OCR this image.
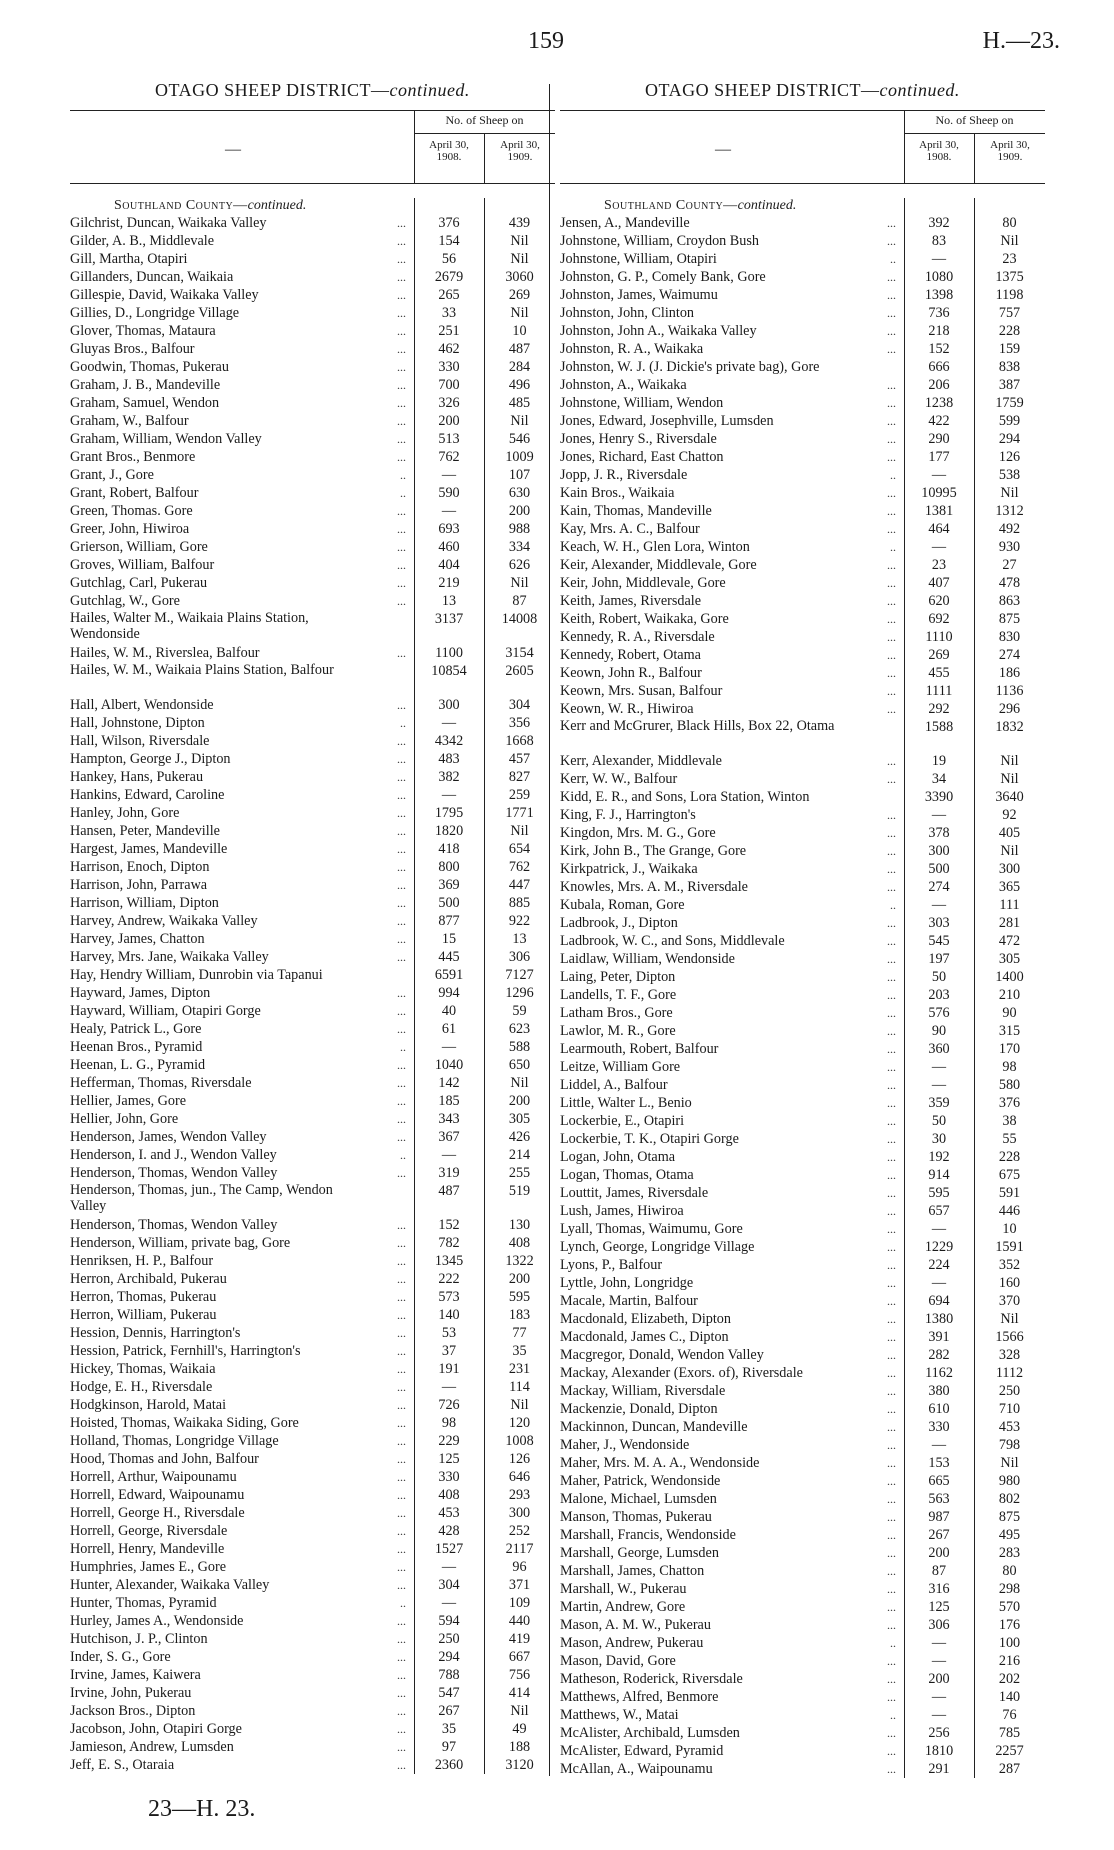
159	H.—23.
OTAGO SHEEP DISTRICT—continued.
—
No. of Sheep on
April 30,
1908.
April 30,
1909.
Southland County—continued.
Gilchrist, Duncan, Waikaka Valley	...	376	439
Gilder, A. B., Middlevale	...	154	Nil
Gill, Martha, Otapiri	...	56	Nil
Gillanders, Duncan, Waikaia	...	2679	3060
Gillespie, David, Waikaka Valley	...	265	269
Gillies, D., Longridge Village	...	33	Nil
Glover, Thomas, Mataura	...	251	10
Gluyas Bros., Balfour	...	462	487
Goodwin, Thomas, Pukerau	...	330	284
Graham, J. B., Mandeville	...	700	496
Graham, Samuel, Wendon	...	326	485
Graham, W., Balfour	...	200	Nil
Graham, William, Wendon Valley	...	513	546
Grant Bros., Benmore	...	762	1009
Grant, J., Gore	..	—	107
Grant, Robert, Balfour	..	590	630
Green, Thomas. Gore	...	—	200
Greer, John, Hiwiroa	...	693	988
Grierson, William, Gore	...	460	334
Groves, William, Balfour	...	404	626
Gutchlag, Carl, Pukerau	...	219	Nil
Gutchlag, W., Gore	...	13	87
Hailes, Walter M., Waikaia Plains Station, Wendonside
3137	14008
Hailes, W. M., Riverslea, Balfour	...	1100	3154
Hailes, W. M., Waikaia Plains Station, Balfour	10854	2605
Hall, Albert, Wendonside	...	300	304
Hall, Johnstone, Dipton	..	—	356
Hall, Wilson, Riversdale	...	4342	1668
Hampton, George J., Dipton	...	483	457
Hankey, Hans, Pukerau	...	382	827
Hankins, Edward, Caroline	...	—	259
Hanley, John, Gore	...	1795	1771
Hansen, Peter, Mandeville	...	1820	Nil
Hargest, James, Mandeville	...	418	654
Harrison, Enoch, Dipton	...	800	762
Harrison, John, Parrawa	...	369	447
Harrison, William, Dipton	...	500	885
Harvey, Andrew, Waikaka Valley	...	877	922
Harvey, James, Chatton	...	15	13
Harvey, Mrs. Jane, Waikaka Valley	...	445	306
Hay, Hendry William, Dunrobin via Tapanui	6591	7127
Hayward, James, Dipton	...	994	1296
Hayward, William, Otapiri Gorge	...	40	59
Healy, Patrick L., Gore	...	61	623
Heenan Bros., Pyramid	..	—	588
Heenan, L. G., Pyramid	...	1040	650
Hefferman, Thomas, Riversdale	...	142	Nil
Hellier, James, Gore	...	185	200
Hellier, John, Gore	...	343	305
Henderson, James, Wendon Valley	...	367	426
Henderson, I. and J., Wendon Valley	..	—	214
Henderson, Thomas, Wendon Valley	...	319	255
Henderson, Thomas, jun., The Camp, Wendon Valley
487	519
Henderson, Thomas, Wendon Valley	...	152	130
Henderson, William, private bag, Gore	...	782	408
Henriksen, H. P., Balfour	...	1345	1322
Herron, Archibald, Pukerau	...	222	200
Herron, Thomas, Pukerau	...	573	595
Herron, William, Pukerau	...	140	183
Hession, Dennis, Harrington's	...	53	77
Hession, Patrick, Fernhill's, Harrington's	...	37	35
Hickey, Thomas, Waikaia	...	191	231
Hodge, E. H., Riversdale	...	—	114
Hodgkinson, Harold, Matai	...	726	Nil
Hoisted, Thomas, Waikaka Siding, Gore	...	98	120
Holland, Thomas, Longridge Village	...	229	1008
Hood, Thomas and John, Balfour	...	125	126
Horrell, Arthur, Waipounamu	...	330	646
Horrell, Edward, Waipounamu	...	408	293
Horrell, George H., Riversdale	...	453	300
Horrell, George, Riversdale	...	428	252
Horrell, Henry, Mandeville	...	1527	2117
Humphries, James E., Gore	...	—	96
Hunter, Alexander, Waikaka Valley	...	304	371
Hunter, Thomas, Pyramid	..	—	109
Hurley, James A., Wendonside	...	594	440
Hutchison, J. P., Clinton	...	250	419
Inder, S. G., Gore	...	294	667
Irvine, James, Kaiwera	...	788	756
Irvine, John, Pukerau	...	547	414
Jackson Bros., Dipton	...	267	Nil
Jacobson, John, Otapiri Gorge	...	35	49
Jamieson, Andrew, Lumsden	...	97	188
Jeff, E. S., Otaraia	...	2360	3120
OTAGO SHEEP DISTRICT—continued.
—
No. of Sheep on
April 30,
1908.
April 30,
1909.
Southland County—continued.
Jensen, A., Mandeville	...	392	80
Johnstone, William, Croydon Bush	...	83	Nil
Johnstone, William, Otapiri	..	—	23
Johnston, G. P., Comely Bank, Gore	...	1080	1375
Johnston, James, Waimumu	...	1398	1198
Johnston, John, Clinton	...	736	757
Johnston, John A., Waikaka Valley	...	218	228
Johnston, R. A., Waikaka	...	152	159
Johnston, W. J. (J. Dickie's private bag), Gore	666	838
Johnston, A., Waikaka	...	206	387
Johnstone, William, Wendon	...	1238	1759
Jones, Edward, Josephville, Lumsden	...	422	599
Jones, Henry S., Riversdale	...	290	294
Jones, Richard, East Chatton	...	177	126
Jopp, J. R., Riversdale	..	—	538
Kain Bros., Waikaia	...	10995	Nil
Kain, Thomas, Mandeville	...	1381	1312
Kay, Mrs. A. C., Balfour	...	464	492
Keach, W. H., Glen Lora, Winton	..	—	930
Keir, Alexander, Middlevale, Gore	...	23	27
Keir, John, Middlevale, Gore	...	407	478
Keith, James, Riversdale	...	620	863
Keith, Robert, Waikaka, Gore	...	692	875
Kennedy, R. A., Riversdale	...	1110	830
Kennedy, Robert, Otama	...	269	274
Keown, John R., Balfour	...	455	186
Keown, Mrs. Susan, Balfour	...	1111	1136
Keown, W. R., Hiwiroa	...	292	296
Kerr and McGrurer, Black Hills, Box 22, Otama	1588	1832
Kerr, Alexander, Middlevale	...	19	Nil
Kerr, W. W., Balfour	...	34	Nil
Kidd, E. R., and Sons, Lora Station, Winton	3390	3640
King, F. J., Harrington's	...	—	92
Kingdon, Mrs. M. G., Gore	...	378	405
Kirk, John B., The Grange, Gore	...	300	Nil
Kirkpatrick, J., Waikaka	...	500	300
Knowles, Mrs. A. M., Riversdale	...	274	365
Kubala, Roman, Gore	..	—	111
Ladbrook, J., Dipton	...	303	281
Ladbrook, W. C., and Sons, Middlevale	...	545	472
Laidlaw, William, Wendonside	...	197	305
Laing, Peter, Dipton	...	50	1400
Landells, T. F., Gore	...	203	210
Latham Bros., Gore	...	576	90
Lawlor, M. R., Gore	...	90	315
Learmouth, Robert, Balfour	...	360	170
Leitze, William Gore	...	—	98
Liddel, A., Balfour	...	—	580
Little, Walter L., Benio	...	359	376
Lockerbie, E., Otapiri	...	50	38
Lockerbie, T. K., Otapiri Gorge	...	30	55
Logan, John, Otama	...	192	228
Logan, Thomas, Otama	...	914	675
Louttit, James, Riversdale	...	595	591
Lush, James, Hiwiroa	...	657	446
Lyall, Thomas, Waimumu, Gore	...	—	10
Lynch, George, Longridge Village	...	1229	1591
Lyons, P., Balfour	...	224	352
Lyttle, John, Longridge	...	—	160
Macale, Martin, Balfour	...	694	370
Macdonald, Elizabeth, Dipton	...	1380	Nil
Macdonald, James C., Dipton	...	391	1566
Macgregor, Donald, Wendon Valley	...	282	328
Mackay, Alexander (Exors. of), Riversdale	...	1162	1112
Mackay, William, Riversdale	...	380	250
Mackenzie, Donald, Dipton	...	610	710
Mackinnon, Duncan, Mandeville	...	330	453
Maher, J., Wendonside	...	—	798
Maher, Mrs. M. A. A., Wendonside	...	153	Nil
Maher, Patrick, Wendonside	...	665	980
Malone, Michael, Lumsden	...	563	802
Manson, Thomas, Pukerau	...	987	875
Marshall, Francis, Wendonside	...	267	495
Marshall, George, Lumsden	...	200	283
Marshall, James, Chatton	...	87	80
Marshall, W., Pukerau	...	316	298
Martin, Andrew, Gore	...	125	570
Mason, A. M. W., Pukerau	...	306	176
Mason, Andrew, Pukerau	..	—	100
Mason, David, Gore	...	—	216
Matheson, Roderick, Riversdale	...	200	202
Matthews, Alfred, Benmore	...	—	140
Matthews, W., Matai	..	—	76
McAlister, Archibald, Lumsden	...	256	785
McAlister, Edward, Pyramid	...	1810	2257
McAllan, A., Waipounamu	...	291	287
23—H. 23.
